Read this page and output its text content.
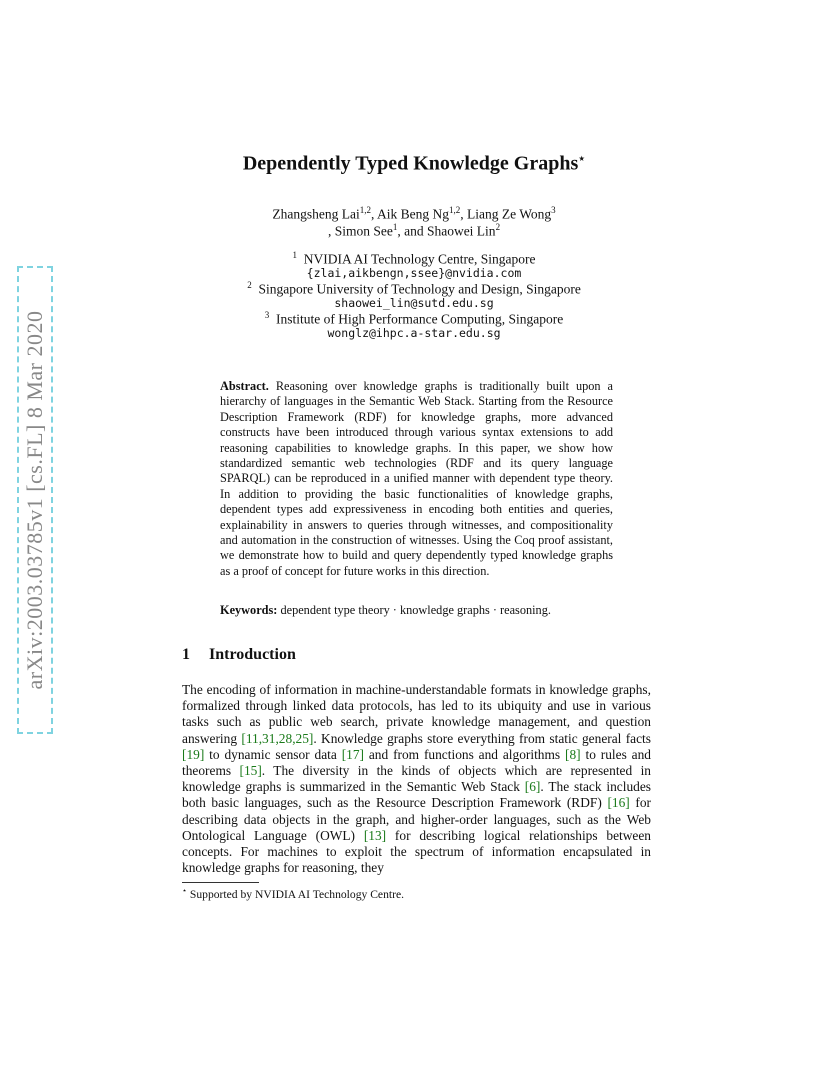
arXiv:2003.03785v1 [cs.FL] 8 Mar 2020
Dependently Typed Knowledge Graphs⋆
Zhangsheng Lai$^{1,2}$, Aik Beng Ng$^{1,2}$, Liang Ze Wong$^3$
, Simon See$^1$, and Shaowei Lin$^2$
$^1$ NVIDIA AI Technology Centre, Singapore
{zlai,aikbengn,ssee}@nvidia.com
$^2$ Singapore University of Technology and Design, Singapore
shaowei_lin@sutd.edu.sg
$^3$ Institute of High Performance Computing, Singapore
wonglz@ihpc.a-star.edu.sg
Abstract. Reasoning over knowledge graphs is traditionally built upon a hierarchy of languages in the Semantic Web Stack. Starting from the Resource Description Framework (RDF) for knowledge graphs, more advanced constructs have been introduced through various syntax extensions to add reasoning capabilities to knowledge graphs. In this paper, we show how standardized semantic web technologies (RDF and its query language SPARQL) can be reproduced in a unified manner with dependent type theory. In addition to providing the basic functionalities of knowledge graphs, dependent types add expressiveness in encoding both entities and queries, explainability in answers to queries through witnesses, and compositionality and automation in the construction of witnesses. Using the Coq proof assistant, we demonstrate how to build and query dependently typed knowledge graphs as a proof of concept for future works in this direction.
Keywords: dependent type theory · knowledge graphs · reasoning.
1 Introduction
The encoding of information in machine-understandable formats in knowledge graphs, formalized through linked data protocols, has led to its ubiquity and use in various tasks such as public web search, private knowledge management, and question answering [11,31,28,25]. Knowledge graphs store everything from static general facts [19] to dynamic sensor data [17] and from functions and algorithms [8] to rules and theorems [15]. The diversity in the kinds of objects which are represented in knowledge graphs is summarized in the Semantic Web Stack [6]. The stack includes both basic languages, such as the Resource Description Framework (RDF) [16] for describing data objects in the graph, and higher-order languages, such as the Web Ontological Language (OWL) [13] for describing logical relationships between concepts. For machines to exploit the spectrum of information encapsulated in knowledge graphs for reasoning, they
⋆ Supported by NVIDIA AI Technology Centre.
